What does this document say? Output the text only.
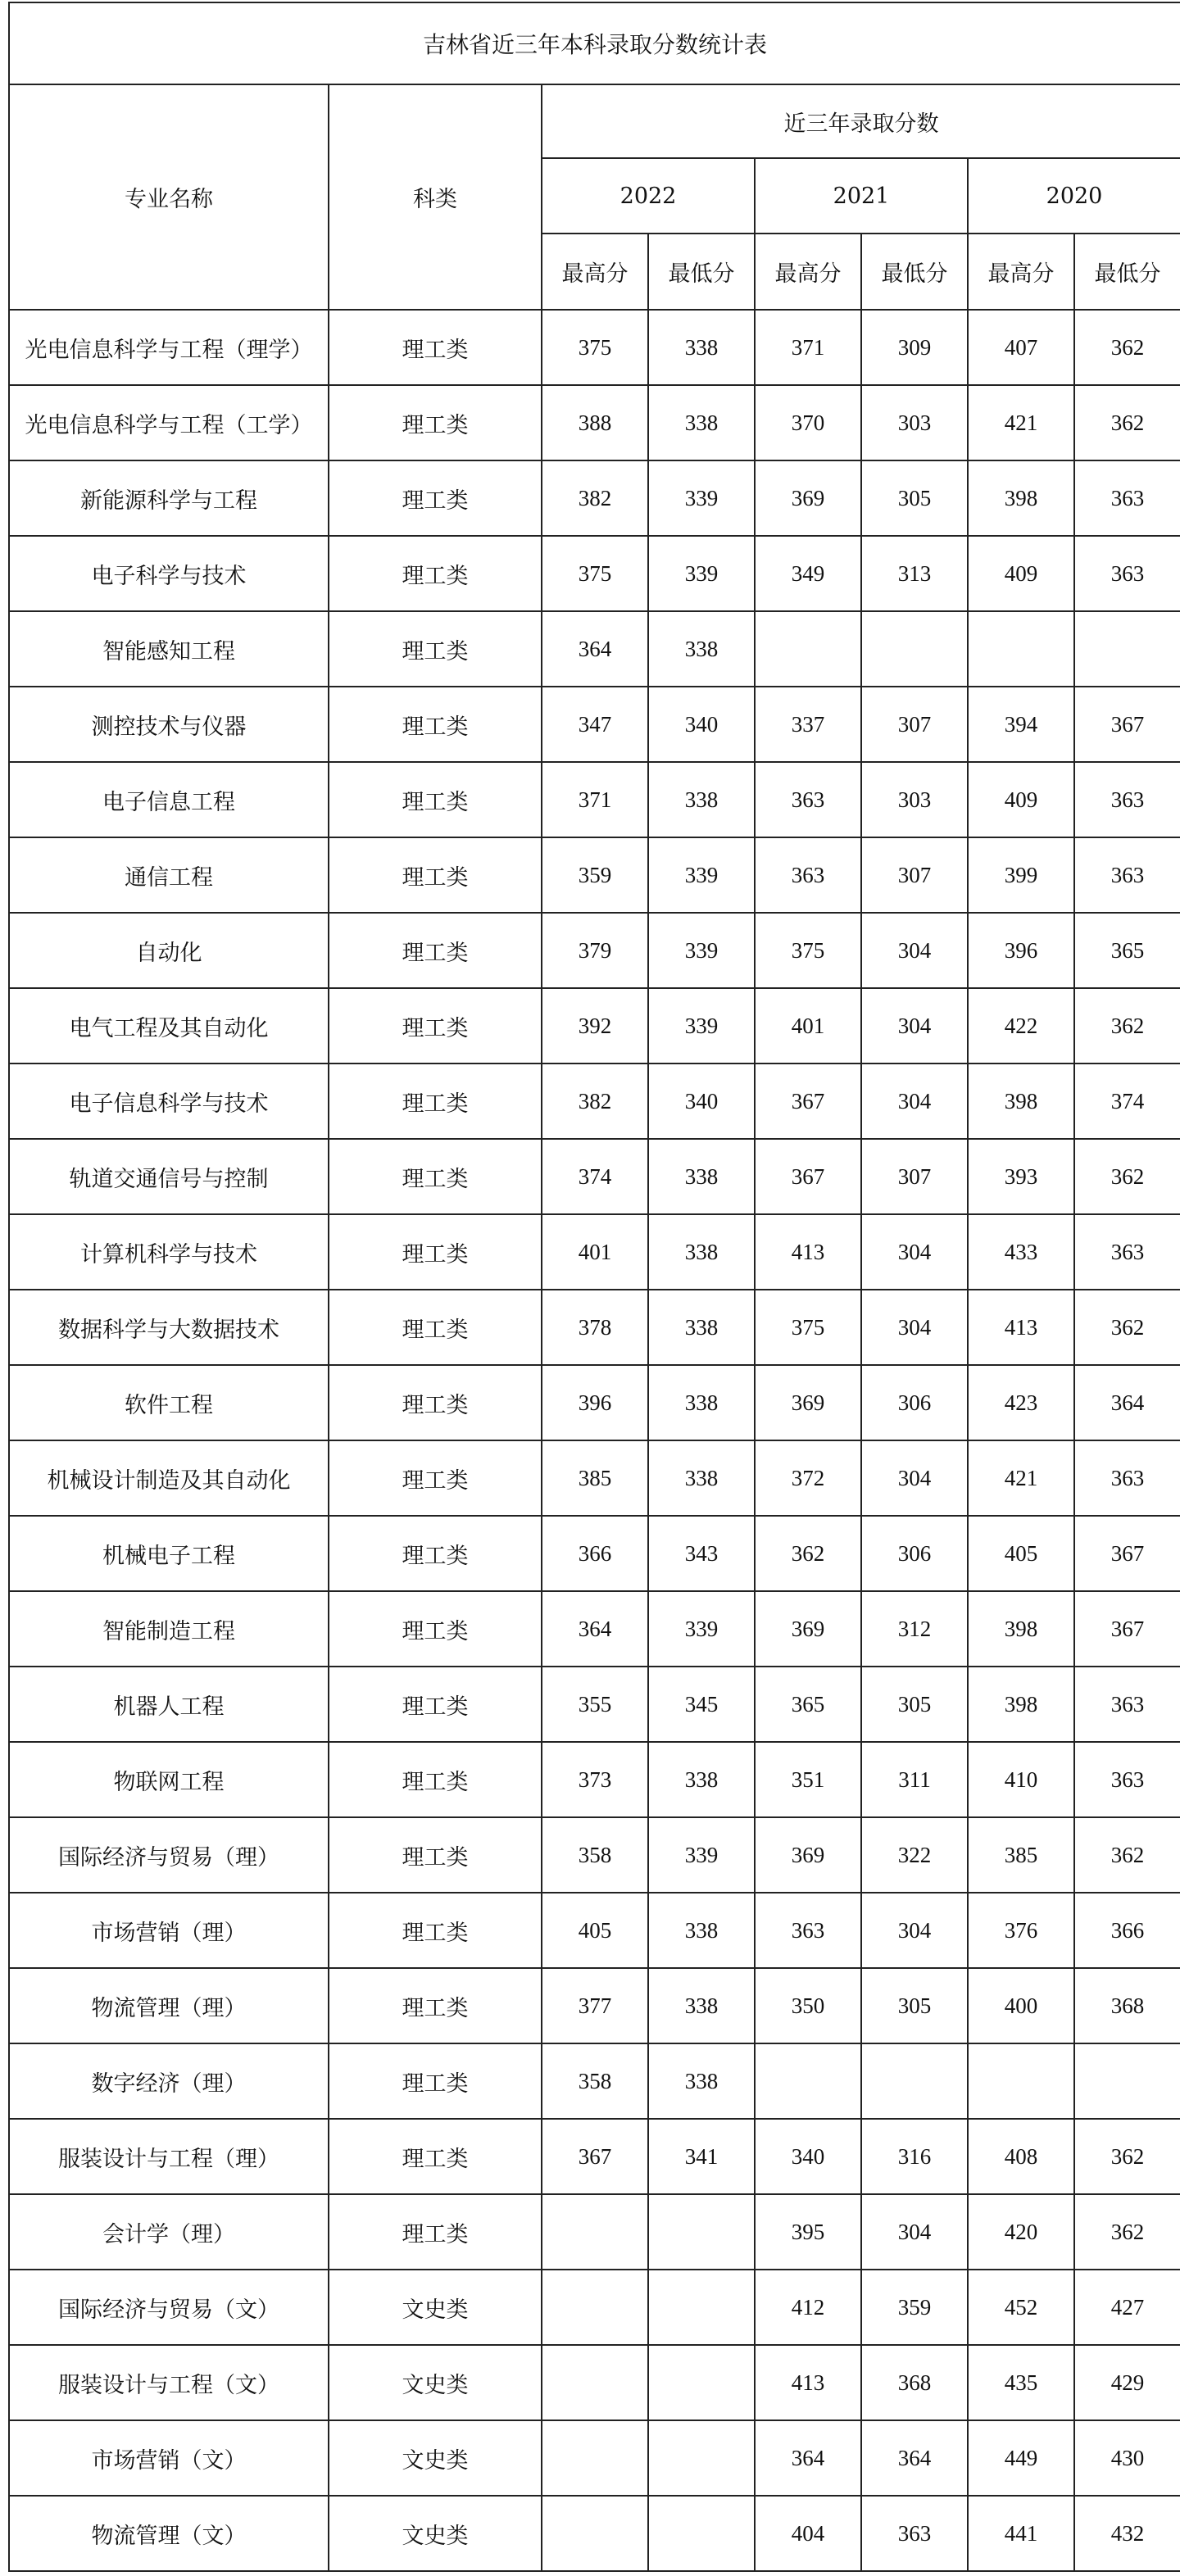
吉林省近三年本科录取分数统计表							
专业名称	科类	近三年录取分数					
		2022		2021		2020	
		最高分	最低分	最高分	最低分	最高分	最低分
光电信息科学与工程（理学）	理工类	375	338	371	309	407	362
光电信息科学与工程（工学）	理工类	388	338	370	303	421	362
新能源科学与工程	理工类	382	339	369	305	398	363
电子科学与技术	理工类	375	339	349	313	409	363
智能感知工程	理工类	364	338				
测控技术与仪器	理工类	347	340	337	307	394	367
电子信息工程	理工类	371	338	363	303	409	363
通信工程	理工类	359	339	363	307	399	363
自动化	理工类	379	339	375	304	396	365
电气工程及其自动化	理工类	392	339	401	304	422	362
电子信息科学与技术	理工类	382	340	367	304	398	374
轨道交通信号与控制	理工类	374	338	367	307	393	362
计算机科学与技术	理工类	401	338	413	304	433	363
数据科学与大数据技术	理工类	378	338	375	304	413	362
软件工程	理工类	396	338	369	306	423	364
机械设计制造及其自动化	理工类	385	338	372	304	421	363
机械电子工程	理工类	366	343	362	306	405	367
智能制造工程	理工类	364	339	369	312	398	367
机器人工程	理工类	355	345	365	305	398	363
物联网工程	理工类	373	338	351	311	410	363
国际经济与贸易（理）	理工类	358	339	369	322	385	362
市场营销（理）	理工类	405	338	363	304	376	366
物流管理（理）	理工类	377	338	350	305	400	368
数字经济（理）	理工类	358	338				
服装设计与工程（理）	理工类	367	341	340	316	408	362
会计学（理）	理工类			395	304	420	362
国际经济与贸易（文）	文史类			412	359	452	427
服装设计与工程（文）	文史类			413	368	435	429
市场营销（文）	文史类			364	364	449	430
物流管理（文）	文史类			404	363	441	432
